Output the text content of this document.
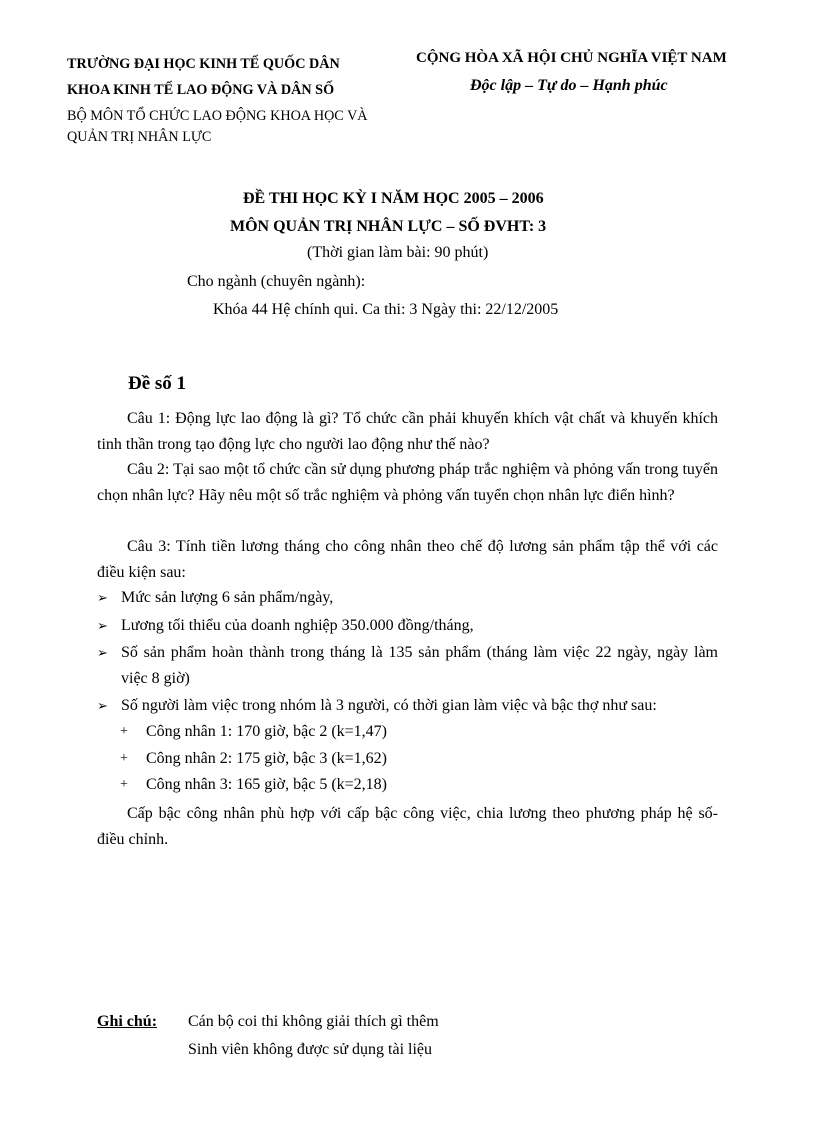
TRƯỜNG ĐẠI HỌC KINH TẾ QUỐC DÂN
KHOA KINH TẾ LAO ĐỘNG VÀ DÂN SỐ
BỘ MÔN TỔ CHỨC LAO ĐỘNG KHOA HỌC VÀ
QUẢN TRỊ NHÂN LỰC
CỘNG HÒA XÃ HỘI CHỦ NGHĨA VIỆT NAM
Độc lập – Tự do – Hạnh phúc
ĐỀ THI HỌC KỲ I NĂM HỌC 2005 – 2006
MÔN QUẢN TRỊ NHÂN LỰC – SỐ ĐVHT: 3
(Thời gian làm bài: 90 phút)
Cho ngành (chuyên ngành):
Khóa 44 Hệ chính qui. Ca thi: 3 Ngày thi: 22/12/2005
Đề số 1
Câu 1: Động lực lao động là gì? Tổ chức cần phải khuyến khích vật chất và khuyến khích tinh thần trong tạo động lực cho người lao động như thế nào?
Câu 2: Tại sao một tổ chức cần sử dụng phương pháp trắc nghiệm và phỏng vấn trong tuyển chọn nhân lực? Hãy nêu một số trắc nghiệm và phỏng vấn tuyển chọn nhân lực điển hình?
Câu 3: Tính tiền lương tháng cho công nhân theo chế độ lương sản phẩm tập thể với các điều kiện sau:
➢ Mức sản lượng 6 sản phẩm/ngày,
➢ Lương tối thiểu của doanh nghiệp 350.000 đồng/tháng,
➢ Số sản phẩm hoàn thành trong tháng là 135 sản phẩm (tháng làm việc 22 ngày, ngày làm việc 8 giờ)
➢ Số người làm việc trong nhóm là 3 người, có thời gian làm việc và bậc thợ như sau:
+ Công nhân 1: 170 giờ, bậc 2 (k=1,47)
+ Công nhân 2: 175 giờ, bậc 3 (k=1,62)
+ Công nhân 3: 165 giờ, bậc 5 (k=2,18)
Cấp bậc công nhân phù hợp với cấp bậc công việc, chia lương theo phương pháp hệ số- điều chỉnh.
Ghi chú: Cán bộ coi thi không giải thích gì thêm
Sinh viên không được sử dụng tài liệu
